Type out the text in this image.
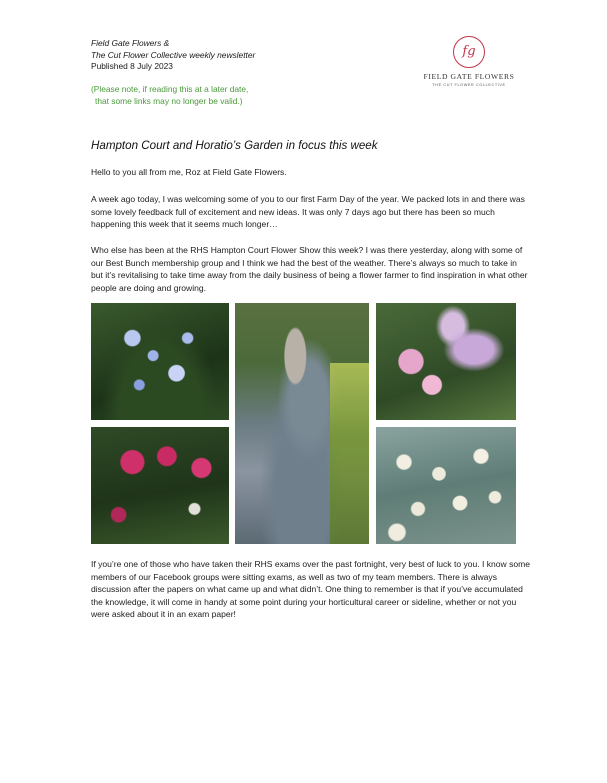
Field Gate Flowers &
The Cut Flower Collective weekly newsletter
Published 8 July 2023
(Please note, if reading this at a later date,
that some links may no longer be valid.)
fg
FIELD GATE FLOWERS
THE CUT FLOWER COLLECTIVE
Hampton Court and Horatio’s Garden in focus this week
Hello to you all from me, Roz at Field Gate Flowers.
A week ago today, I was welcoming some of you to our first Farm Day of the year. We packed lots in and there was some lovely feedback full of excitement and new ideas. It was only 7 days ago but there has been so much happening this week that it seems much longer…
Who else has been at the RHS Hampton Court Flower Show this week? I was there yesterday, along with some of our Best Bunch membership group and I think we had the best of the weather. There’s always so much to take in but it’s revitalising to take time away from the daily business of being a flower farmer to find inspiration in what other people are doing and growing.
If you’re one of those who have taken their RHS exams over the past fortnight, very best of luck to you. I know some members of our Facebook groups were sitting exams, as well as two of my team members. There is always discussion after the papers on what came up and what didn’t. One thing to remember is that if you’ve accumulated the knowledge, it will come in handy at some point during your horticultural career or sideline, whether or not you were asked about it in an exam paper!
